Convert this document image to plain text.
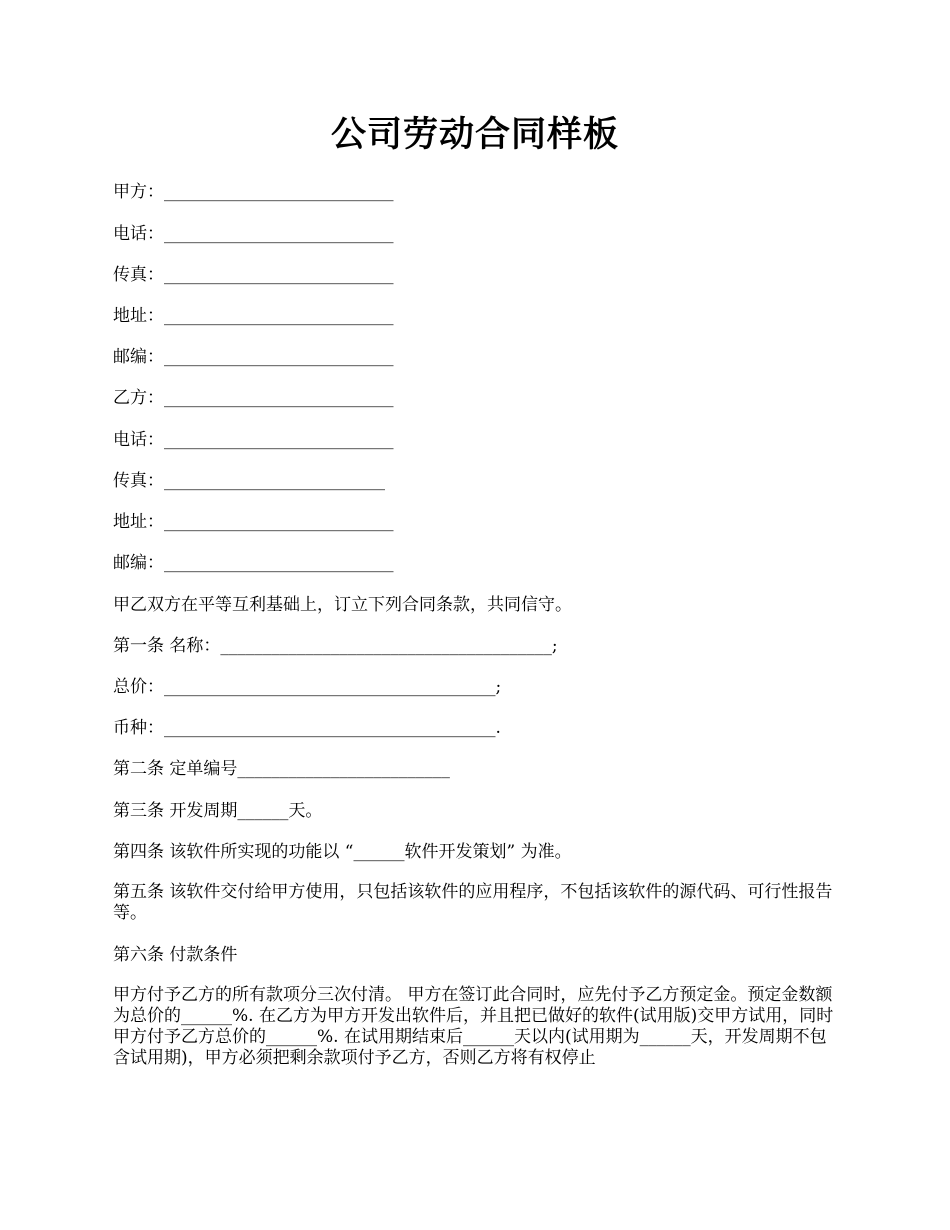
公司劳动合同样板
甲方：___________________________
电话：___________________________
传真：___________________________
地址：___________________________
邮编：___________________________
乙方：___________________________
电话：___________________________
传真：__________________________
地址：___________________________
邮编：___________________________
甲乙双方在平等互利基础上，订立下列合同条款，共同信守。
第一条 名称：_______________________________________;
总价：_______________________________________;
币种：_______________________________________.
第二条 定单编号_________________________
第三条 开发周期______天。
第四条 该软件所实现的功能以 “______软件开发策划” 为准。
第五条 该软件交付给甲方使用，只包括该软件的应用程序，不包括该软件的源代码、可行性报告等。
第六条 付款条件
甲方付予乙方的所有款项分三次付清。 甲方在签订此合同时，应先付予乙方预定金。预定金数额为总价的______%. 在乙方为甲方开发出软件后，并且把已做好的软件(试用版)交甲方试用，同时甲方付予乙方总价的______%. 在试用期结束后______天以内(试用期为______天，开发周期不包含试用期)，甲方必须把剩余款项付予乙方，否则乙方将有权停止
